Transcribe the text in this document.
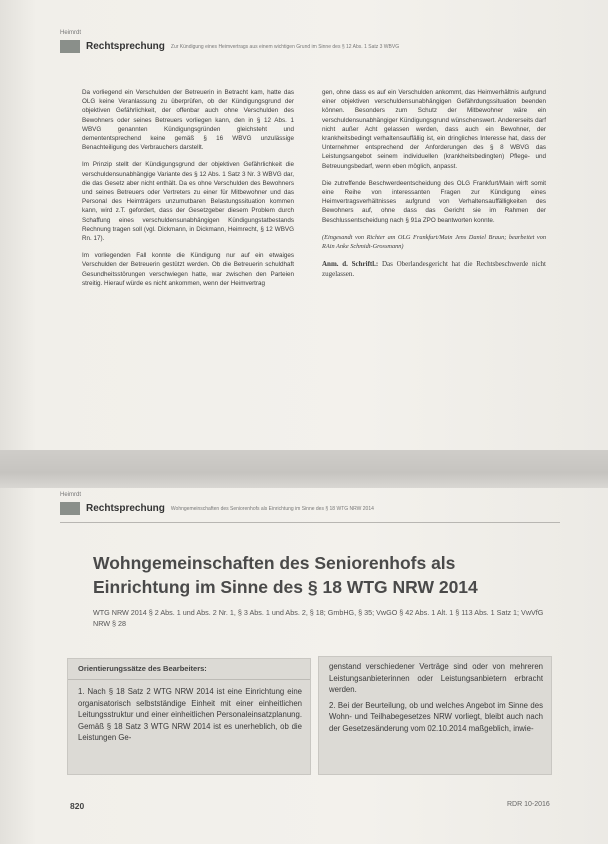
Heimrdt
Rechtsprechung Zur Kündigung eines Heimvertrags aus einem wichtigen Grund im Sinne des § 12 Abs. 1 Satz 3 WBVG

Da vorliegend ein Verschulden der Betreuerin in Betracht kam, hatte das OLG keine Veranlassung zu überprüfen, ob der Kündigungsgrund der objektiven Gefährlichkeit, der offenbar auch ohne Verschulden des Bewohners oder seines Betreuers vorliegen kann, den in § 12 Abs. 1 WBVG genannten Kündigungsgründen gleichsteht und demententsprechend keine gemäß § 16 WBVG unzulässige Benachteiligung des Verbrauchers darstellt.

Im Prinzip stellt der Kündigungsgrund der objektiven Gefährlichkeit die verschuldensunabhängige Variante des § 12 Abs. 1 Satz 3 Nr. 3 WBVG dar, die das Gesetz aber nicht enthält. Da es ohne Verschulden des Bewohners und seines Betreuers oder Vertreters zu einer für Mitbewohner und das Personal des Heimträgers unzumutbaren Belastungssituation kommen kann, wird z.T. gefordert, dass der Gesetzgeber diesem Problem durch Schaffung eines verschuldensunabhängigen Kündigungstatbestands Rechnung tragen soll (vgl. Dickmann, in Dickmann, Heimrecht, § 12 WBVG Rn. 17).

Im vorliegenden Fall konnte die Kündigung nur auf ein etwaiges Verschulden der Betreuerin gestützt werden. Ob die Betreuerin schuldhaft Gesundheitsstörungen verschwiegen hatte, war zwischen den Parteien streitig. Hierauf würde es nicht ankommen, wenn der Heimvertrag

gen, ohne dass es auf ein Verschulden ankommt, das Heimverhältnis aufgrund einer objektiven verschuldensunabhängigen Gefährdungssituation beenden können. Besonders zum Schutz der Mitbewohner wäre ein verschuldensunabhängiger Kündigungsgrund wünschenswert. Andererseits darf nicht außer Acht gelassen werden, dass auch ein Bewohner, der krankheitsbedingt verhaltensauffällig ist, ein dringliches Interesse hat, dass der Unternehmer entsprechend der Anforderungen des § 8 WBVG das Leistungsangebot seinem individuellen (krankheitsbedingten) Pflege- und Betreuungsbedarf, wenn eben möglich, anpasst.

Die zutreffende Beschwerdeentscheidung des OLG Frankfurt/Main wirft somit eine Reihe von interessanten Fragen zur Kündigung eines Heimvertragsverhältnisses aufgrund von Verhaltensauffälligkeiten des Bewohners auf, ohne dass das Gericht sie im Rahmen der Beschlussentscheidung nach § 91a ZPO beantworten konnte.

(Eingesandt von Richter am OLG Frankfurt/Main Jens Daniel Braun; bearbeitet von RAin Anke Schmidt-Grossmann)

Anm. d. Schriftl.: Das Oberlandesgericht hat die Rechtsbeschwerde nicht zugelassen.

Heimrdt
Rechtsprechung Wohngemeinschaften des Seniorenhofs als Einrichtung im Sinne des § 18 WTG NRW 2014
Wohngemeinschaften des Seniorenhofs als Einrichtung im Sinne des § 18 WTG NRW 2014
WTG NRW 2014 § 2 Abs. 1 und Abs. 2 Nr. 1, § 3 Abs. 1 und Abs. 2, § 18; GmbHG, § 35; VwGO § 42 Abs. 1 Alt. 1 § 113 Abs. 1 Satz 1; VwVfG NRW § 28
Orientierungssätze des Bearbeiters:
1. Nach § 18 Satz 2 WTG NRW 2014 ist eine Einrichtung eine organisatorisch selbstständige Einheit mit einer einheitlichen Leitungsstruktur und einer einheitlichen Personaleinsatzplanung. Gemäß § 18 Satz 3 WTG NRW 2014 ist es unerheblich, ob die Leistungen Ge-
genstand verschiedener Verträge sind oder von mehreren Leistungsanbieterinnen oder Leistungsanbietern erbracht werden.
2. Bei der Beurteilung, ob und welches Angebot im Sinne des Wohn- und Teilhabegesetzes NRW vorliegt, bleibt auch nach der Gesetzesänderung vom 02.10.2014 maßgeblich, inwie-
820	RDR 10-2016
